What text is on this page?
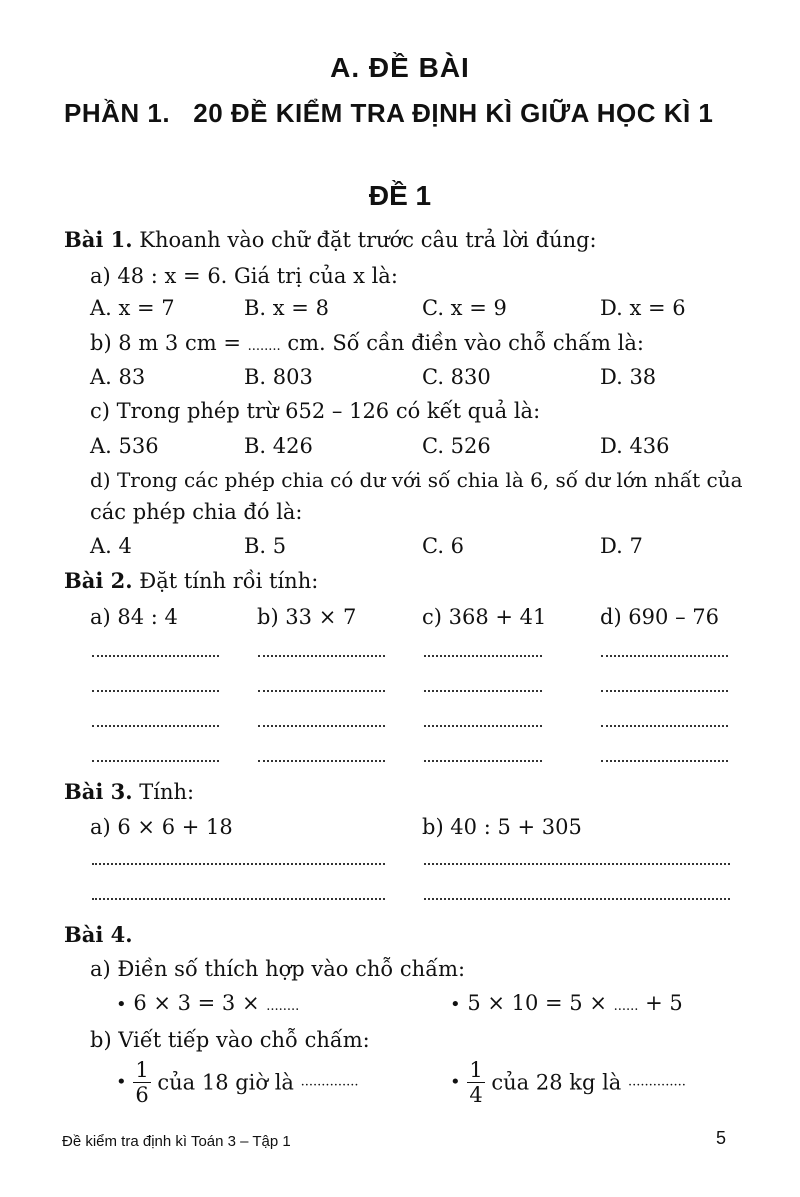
A. ĐỀ BÀI
PHẦN 1.   20 ĐỀ KIỂM TRA ĐỊNH KÌ GIỮA HỌC KÌ 1
ĐỀ 1
Bài 1. Khoanh vào chữ đặt trước câu trả lời đúng:
a) 48 : x = 6. Giá trị của x là:
A. x = 7	B. x = 8	C. x = 9	D. x = 6
b) 8 m 3 cm = ........ cm. Số cần điền vào chỗ chấm là:
A. 83	B. 803	C. 830	D. 38
c) Trong phép trừ 652 – 126 có kết quả là:
A. 536	B. 426	C. 526	D. 436
d) Trong các phép chia có dư với số chia là 6, số dư lớn nhất của
các phép chia đó là:
A. 4	B. 5	C. 6	D. 7
Bài 2. Đặt tính rồi tính:
a) 84 : 4	b) 33 × 7	c) 368 + 41	d) 690 – 76
Bài 3. Tính:
a) 6 × 6 + 18	b) 40 : 5 + 305
Bài 4.
a) Điền số thích hợp vào chỗ chấm:
• 6 × 3 = 3 × ........	• 5 × 10 = 5 × ...... + 5
b) Viết tiếp vào chỗ chấm:
• $\frac{1}{6}$ của 18 giờ là ..............	• $\frac{1}{4}$ của 28 kg là ..............
Đề kiểm tra định kì Toán 3 – Tập 1	5
